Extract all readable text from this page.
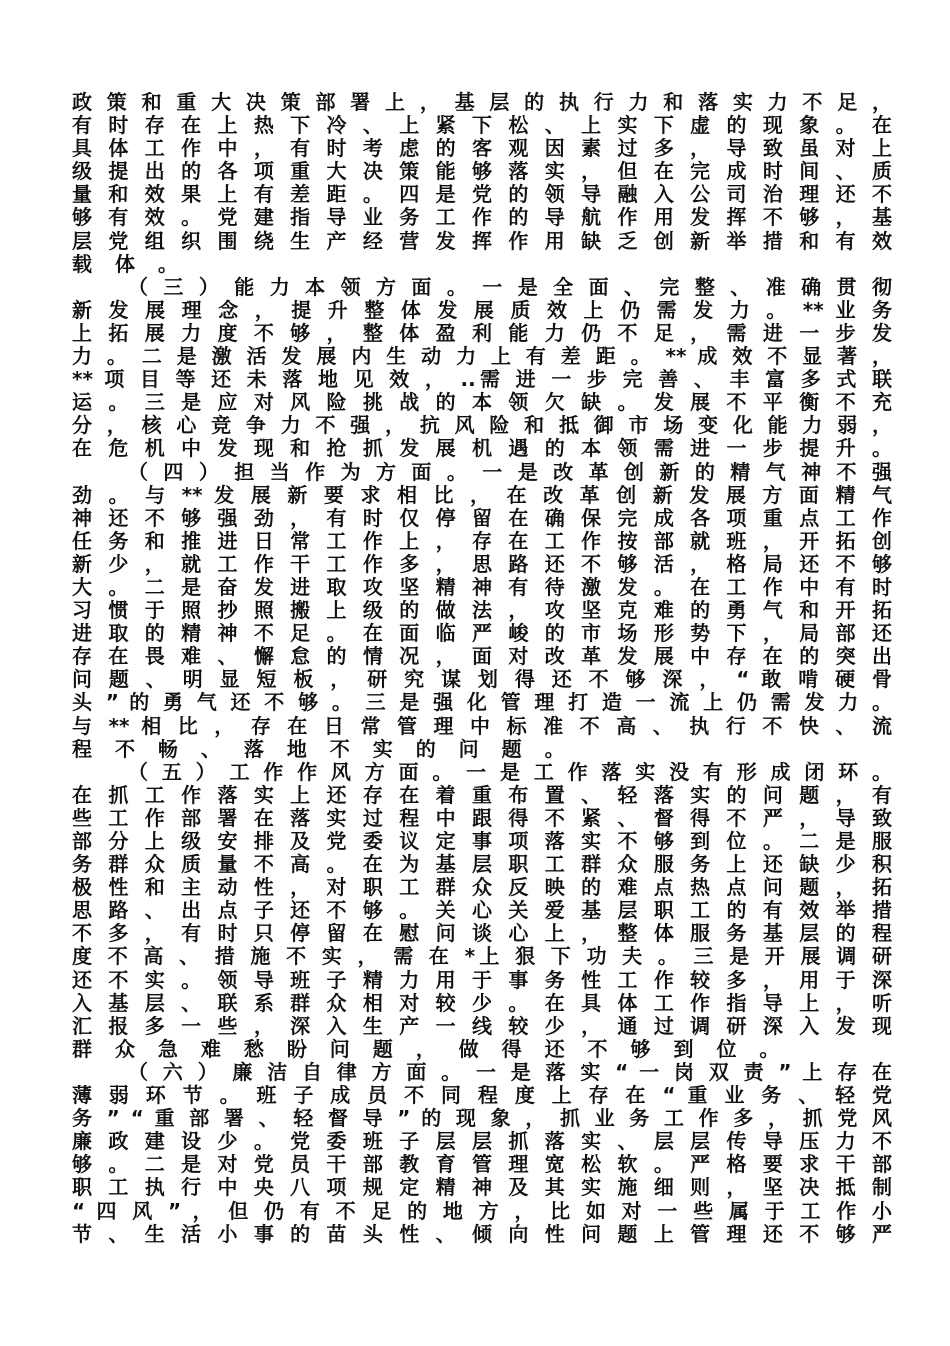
政 策 和 重 大 决 策 部 署 上 ， 基 层 的 执 行 力 和 落 实 力 不 足 ，
有 时 存 在 上 热 下 冷 、 上 紧 下 松 、 上 实 下 虚 的 现 象 。 在
具 体 工 作 中 ， 有 时 考 虑 的 客 观 因 素 过 多 ， 导 致 虽 对 上
级 提 出 的 各 项 重 大 决 策 能 够 落 实 ， 但 在 完 成 时 间 、 质
量 和 效 果 上 有 差 距 。 四 是 党 的 领 导 融 入 公 司 治 理 还 不
够 有 效 。 党 建 指 导 业 务 工 作 的 导 航 作 用 发 挥 不 够 ， 基
层 党 组 织 围 绕 生 产 经 营 发 挥 作 用 缺 乏 创 新 举 措 和 有 效
载 体 。
（ 三 ） 能 力 本 领 方 面 。 一 是 全 面 、 完 整 、 准 确 贯 彻
新 发 展 理 念 ， 提 升 整 体 发 展 质 效 上 仍 需 发 力 。 ** 业 务
上 拓 展 力 度 不 够 ， 整 体 盈 利 能 力 仍 不 足 ， 需 进 一 步 发
力 。 二 是 激 活 发 展 内 生 动 力 上 有 差 距 。 ** 成 效 不 显 著 ，
** 项 目 等 还 未 落 地 见 效 ， ..需 进 一 步 完 善 、 丰 富 多 式 联
运 。 三 是 应 对 风 险 挑 战 的 本 领 欠 缺 。 发 展 不 平 衡 不 充
分 ， 核 心 竞 争 力 不 强 ， 抗 风 险 和 抵 御 市 场 变 化 能 力 弱 ，
在 危 机 中 发 现 和 抢 抓 发 展 机 遇 的 本 领 需 进 一 步 提 升 。
（ 四 ） 担 当 作 为 方 面 。 一 是 改 革 创 新 的 精 气 神 不 强
劲 。 与 ** 发 展 新 要 求 相 比 ， 在 改 革 创 新 发 展 方 面 精 气
神 还 不 够 强 劲 ， 有 时 仅 停 留 在 确 保 完 成 各 项 重 点 工 作
任 务 和 推 进 日 常 工 作 上 ， 存 在 工 作 按 部 就 班 ， 开 拓 创
新 少 ， 就 工 作 干 工 作 多 ， 思 路 还 不 够 活 ， 格 局 还 不 够
大 。 二 是 奋 发 进 取 攻 坚 精 神 有 待 激 发 。 在 工 作 中 有 时
习 惯 于 照 抄 照 搬 上 级 的 做 法 ， 攻 坚 克 难 的 勇 气 和 开 拓
进 取 的 精 神 不 足 。 在 面 临 严 峻 的 市 场 形 势 下 ， 局 部 还
存 在 畏 难 、 懈 怠 的 情 况 ， 面 对 改 革 发 展 中 存 在 的 突 出
问 题 、 明 显 短 板 ， 研 究 谋 划 得 还 不 够 深 ， “ 敢 啃 硬 骨
头 ” 的 勇 气 还 不 够 。 三 是 强 化 管 理 打 造 一 流 上 仍 需 发 力 。
与 ** 相 比 ， 存 在 日 常 管 理 中 标 准 不 高 、 执 行 不 快 、 流
程 不 畅 、 落 地 不 实 的 问 题 。
（ 五 ） 工 作 作 风 方 面 。 一 是 工 作 落 实 没 有 形 成 闭 环 。
在 抓 工 作 落 实 上 还 存 在 着 重 布 置 、 轻 落 实 的 问 题 ， 有
些 工 作 部 署 在 落 实 过 程 中 跟 得 不 紧 、 督 得 不 严 ， 导 致
部 分 上 级 安 排 及 党 委 议 定 事 项 落 实 不 够 到 位 。 二 是 服
务 群 众 质 量 不 高 。 在 为 基 层 职 工 群 众 服 务 上 还 缺 少 积
极 性 和 主 动 性 ， 对 职 工 群 众 反 映 的 难 点 热 点 问 题 ， 拓
思 路 、 出 点 子 还 不 够 。 关 心 关 爱 基 层 职 工 的 有 效 举 措
不 多 ， 有 时 只 停 留 在 慰 问 谈 心 上 ， 整 体 服 务 基 层 的 程
度 不 高 、 措 施 不 实 ， 需 在 *上 狠 下 功 夫 。 三 是 开 展 调 研
还 不 实 。 领 导 班 子 精 力 用 于 事 务 性 工 作 较 多 ， 用 于 深
入 基 层 、 联 系 群 众 相 对 较 少 。 在 具 体 工 作 指 导 上 ， 听
汇 报 多 一 些 ， 深 入 生 产 一 线 较 少 ， 通 过 调 研 深 入 发 现
群 众 急 难 愁 盼 问 题 ， 做 得 还 不 够 到 位 。
（ 六 ） 廉 洁 自 律 方 面 。 一 是 落 实 “ 一 岗 双 责 ” 上 存 在
薄 弱 环 节 。 班 子 成 员 不 同 程 度 上 存 在 “ 重 业 务 、 轻 党
务 ” “ 重 部 署 、 轻 督 导 ” 的 现 象 ， 抓 业 务 工 作 多 ， 抓 党 风
廉 政 建 设 少 。 党 委 班 子 层 层 抓 落 实 、 层 层 传 导 压 力 不
够 。 二 是 对 党 员 干 部 教 育 管 理 宽 松 软 。 严 格 要 求 干 部
职 工 执 行 中 央 八 项 规 定 精 神 及 其 实 施 细 则 ， 坚 决 抵 制
“ 四 风 ” ， 但 仍 有 不 足 的 地 方 ， 比 如 对 一 些 属 于 工 作 小
节 、 生 活 小 事 的 苗 头 性 、 倾 向 性 问 题 上 管 理 还 不 够 严
